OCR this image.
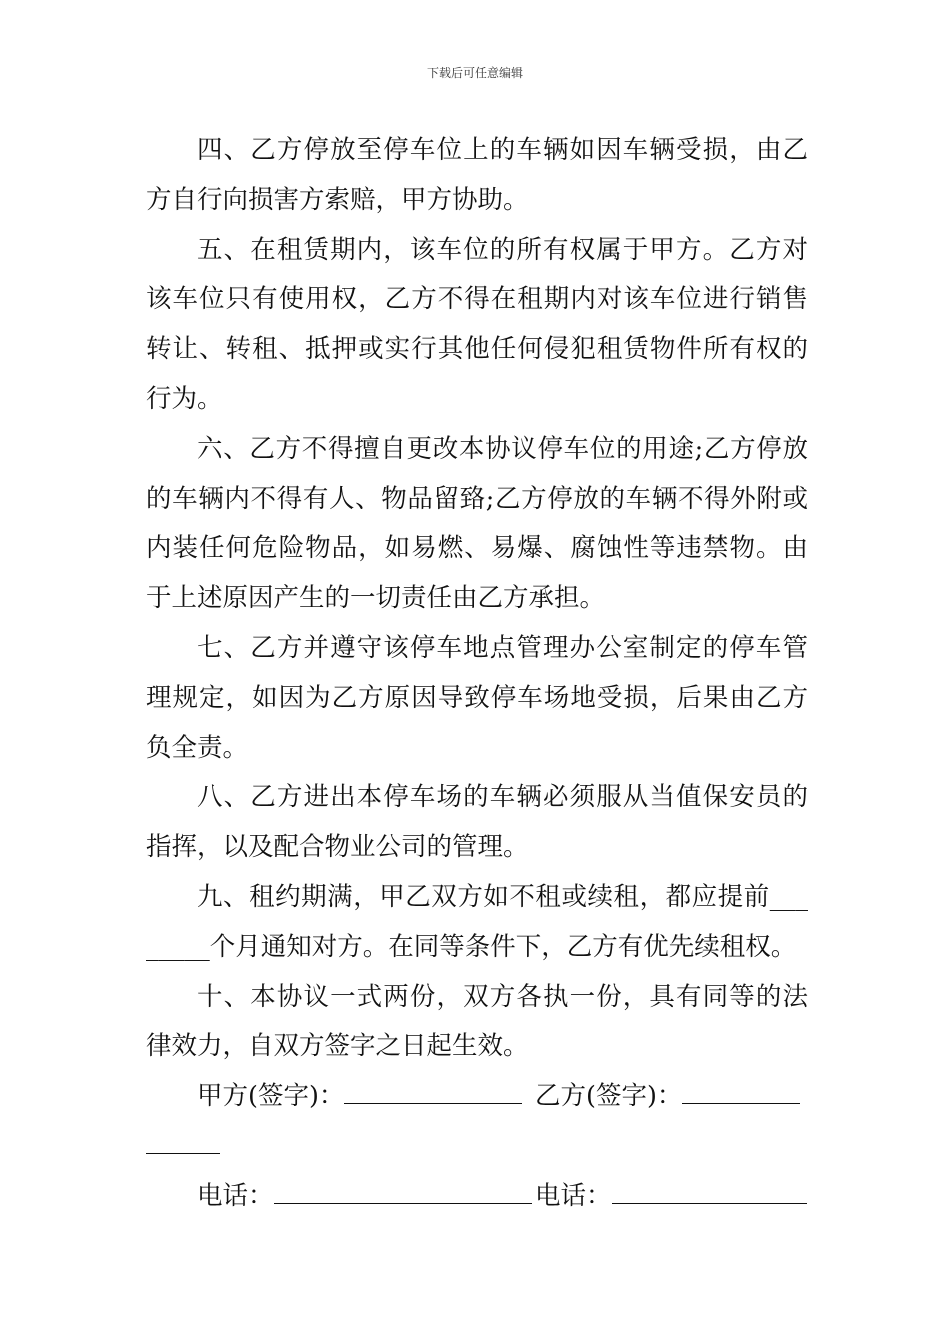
下载后可任意编辑

四、乙方停放至停车位上的车辆如因车辆受损，由乙方自行向损害方索赔，甲方协助。

五、在租赁期内，该车位的所有权属于甲方。乙方对该车位只有使用权，乙方不得在租期内对该车位进行销售转让、转租、抵押或实行其他任何侵犯租赁物件所有权的行为。

六、乙方不得擅自更改本协议停车位的用途;乙方停放的车辆内不得有人、物品留臵;乙方停放的车辆不得外附或内装任何危险物品，如易燃、易爆、腐蚀性等违禁物。由于上述原因产生的一切责任由乙方承担。

七、乙方并遵守该停车地点管理办公室制定的停车管理规定，如因为乙方原因导致停车场地受损，后果由乙方负全责。

八、乙方进出本停车场的车辆必须服从当值保安员的指挥，以及配合物业公司的管理。

九、租约期满，甲乙双方如不租或续租，都应提前________个月通知对方。在同等条件下，乙方有优先续租权。

十、本协议一式两份，双方各执一份，具有同等的法律效力，自双方签字之日起生效。

甲方(签字)：	乙方(签字)：
电话：	电话：
